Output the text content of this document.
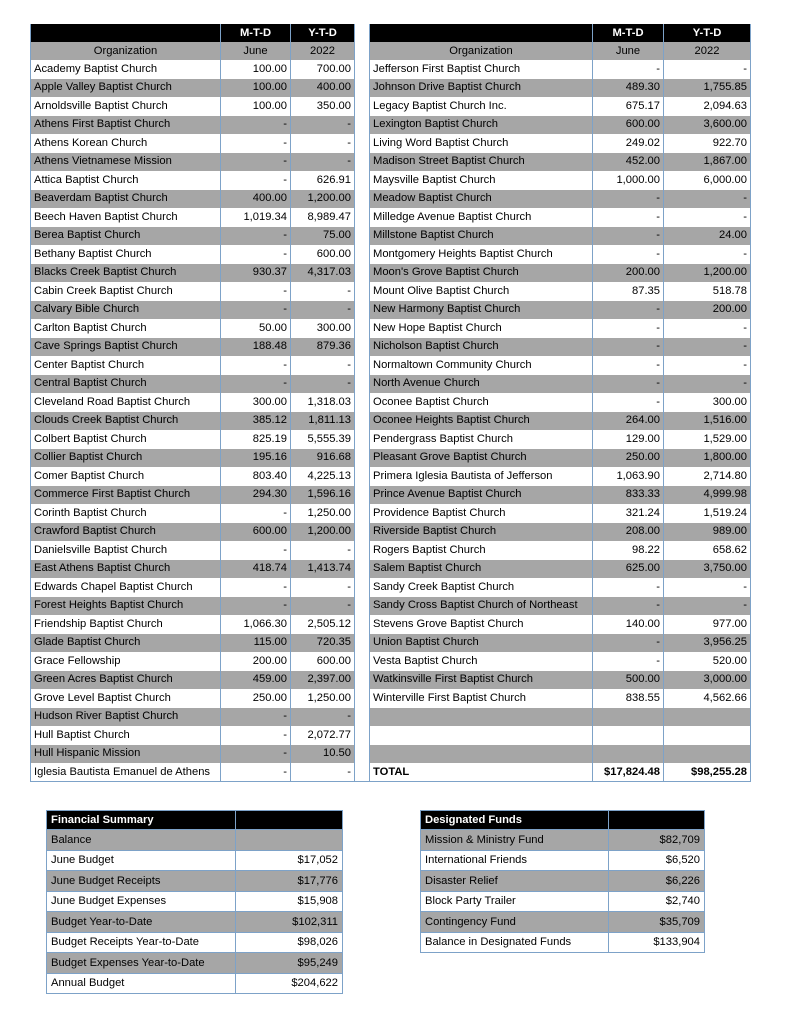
	M-T-D	Y-T-D			M-T-D	Y-T-D
Organization	June	2022		Organization	June	2022
Academy Baptist Church	100.00	700.00		Jefferson First Baptist Church	-	-
Apple Valley Baptist Church	100.00	400.00		Johnson Drive Baptist Church	489.30	1,755.85
Arnoldsville Baptist Church	100.00	350.00		Legacy Baptist Church Inc.	675.17	2,094.63
Athens First Baptist Church	-	-		Lexington Baptist Church	600.00	3,600.00
Athens Korean Church	-	-		Living Word Baptist Church	249.02	922.70
Athens Vietnamese Mission	-	-		Madison Street Baptist Church	452.00	1,867.00
Attica Baptist Church	-	626.91		Maysville Baptist Church	1,000.00	6,000.00
Beaverdam Baptist Church	400.00	1,200.00		Meadow Baptist Church	-	-
Beech Haven Baptist Church	1,019.34	8,989.47		Milledge Avenue Baptist Church	-	-
Berea Baptist Church	-	75.00		Millstone Baptist Church	-	24.00
Bethany Baptist Church	-	600.00		Montgomery Heights Baptist Church	-	-
Blacks Creek Baptist Church	930.37	4,317.03		Moon's Grove Baptist Church	200.00	1,200.00
Cabin Creek Baptist Church	-	-		Mount Olive Baptist Church	87.35	518.78
Calvary Bible Church	-	-		New Harmony Baptist Church	-	200.00
Carlton Baptist Church	50.00	300.00		New Hope Baptist Church	-	-
Cave Springs Baptist Church	188.48	879.36		Nicholson Baptist Church	-	-
Center Baptist Church	-	-		Normaltown Community Church	-	-
Central Baptist Church	-	-		North Avenue Church	-	-
Cleveland Road Baptist Church	300.00	1,318.03		Oconee Baptist Church	-	300.00
Clouds Creek Baptist Church	385.12	1,811.13		Oconee Heights Baptist Church	264.00	1,516.00
Colbert Baptist Church	825.19	5,555.39		Pendergrass Baptist Church	129.00	1,529.00
Collier Baptist Church	195.16	916.68		Pleasant Grove Baptist Church	250.00	1,800.00
Comer Baptist Church	803.40	4,225.13		Primera Iglesia Bautista of Jefferson	1,063.90	2,714.80
Commerce First Baptist Church	294.30	1,596.16		Prince Avenue Baptist Church	833.33	4,999.98
Corinth Baptist Church	-	1,250.00		Providence Baptist Church	321.24	1,519.24
Crawford Baptist Church	600.00	1,200.00		Riverside Baptist Church	208.00	989.00
Danielsville Baptist Church	-	-		Rogers Baptist Church	98.22	658.62
East Athens Baptist Church	418.74	1,413.74		Salem Baptist Church	625.00	3,750.00
Edwards Chapel Baptist Church	-	-		Sandy Creek Baptist Church	-	-
Forest Heights Baptist Church	-	-		Sandy Cross Baptist Church of Northeast	-	-
Friendship Baptist Church	1,066.30	2,505.12		Stevens Grove Baptist Church	140.00	977.00
Glade Baptist Church	115.00	720.35		Union Baptist Church	-	3,956.25
Grace Fellowship	200.00	600.00		Vesta Baptist Church	-	520.00
Green Acres Baptist Church	459.00	2,397.00		Watkinsville First Baptist Church	500.00	3,000.00
Grove Level Baptist Church	250.00	1,250.00		Winterville First Baptist Church	838.55	4,562.66
Hudson River Baptist Church	-	-				
Hull Baptist Church	-	2,072.77				
Hull Hispanic Mission	-	10.50				
Iglesia Bautista Emanuel de Athens	-	-		TOTAL	$17,824.48	$98,255.28
Financial Summary	
Balance	
June Budget	$17,052
June Budget Receipts	$17,776
June Budget Expenses	$15,908
Budget Year-to-Date	$102,311
Budget Receipts Year-to-Date	$98,026
Budget Expenses Year-to-Date	$95,249
Annual Budget	$204,622
Designated Funds	
Mission & Ministry Fund	$82,709
International Friends	$6,520
Disaster Relief	$6,226
Block Party Trailer	$2,740
Contingency Fund	$35,709
Balance in Designated Funds	$133,904
